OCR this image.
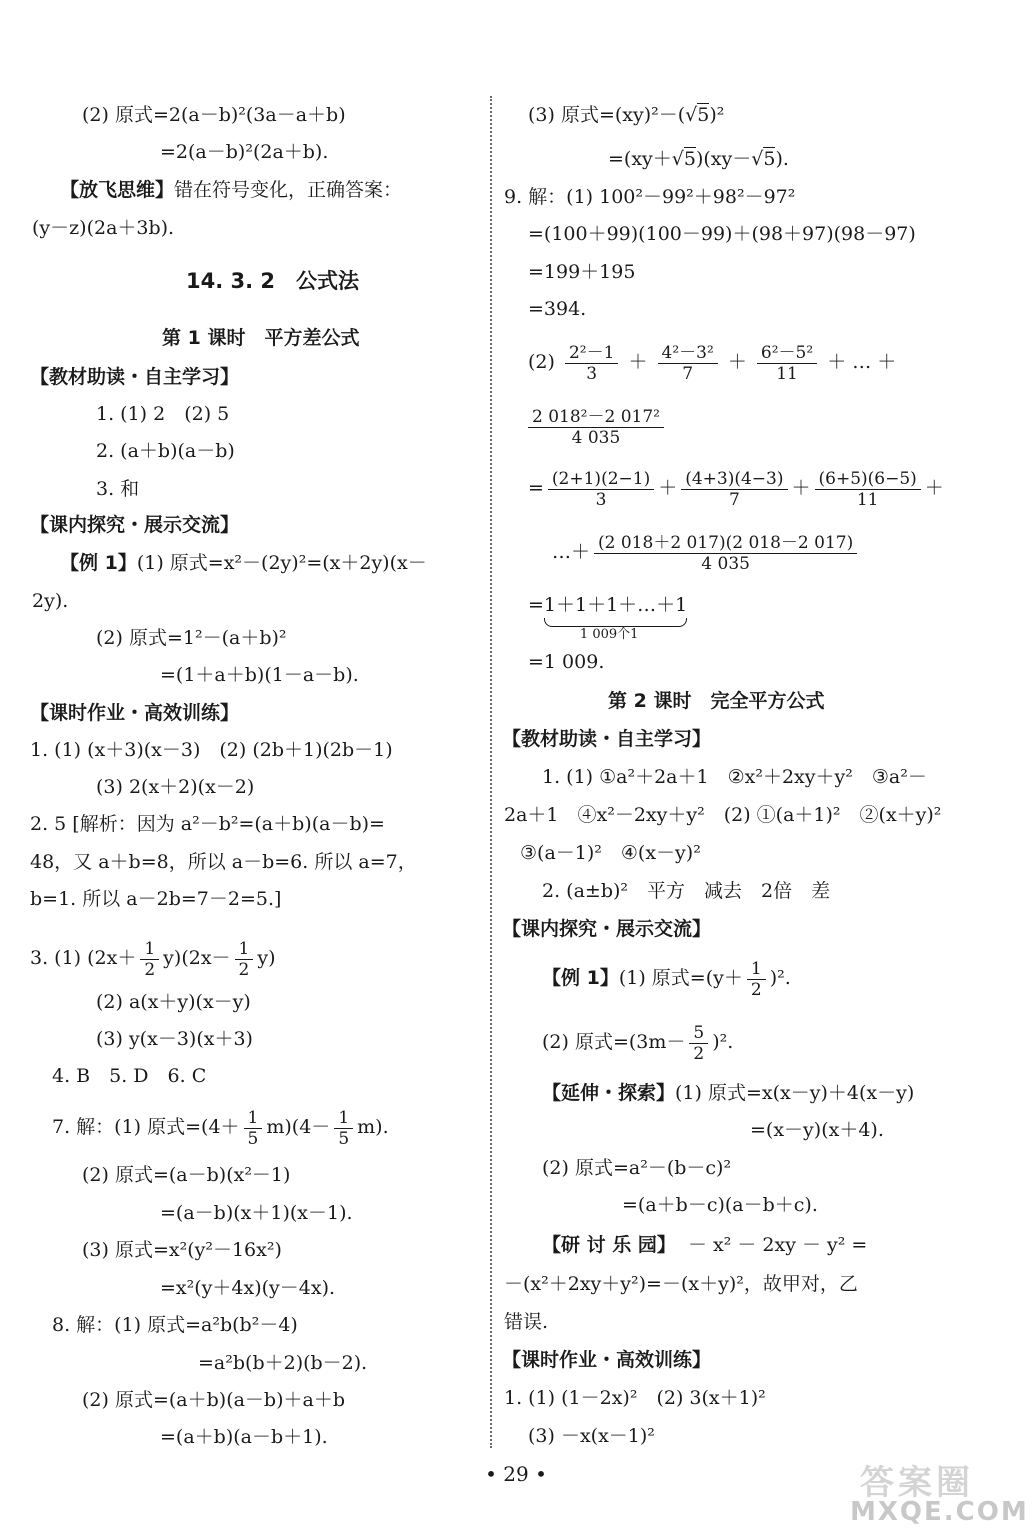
(2) 原式=2(a－b)²(3a－a＋b)
=2(a－b)²(2a＋b).
【放飞思维】错在符号变化，正确答案：
(y－z)(2a＋3b).
14. 3. 2　公式法
第 1 课时　平方差公式
【教材助读・自主学习】
1. (1) 2　(2) 5
2. (a＋b)(a－b)
3. 和
【课内探究・展示交流】
【例 1】(1) 原式=x²－(2y)²=(x＋2y)(x－
2y).
(2) 原式=1²－(a＋b)²
=(1＋a＋b)(1－a－b).
【课时作业・高效训练】
1. (1) (x＋3)(x－3)　(2) (2b＋1)(2b－1)
(3) 2(x＋2)(x－2)
2. 5 [解析：因为 a²－b²=(a＋b)(a－b)=
48，又 a＋b=8，所以 a－b=6. 所以 a=7，
b=1. 所以 a－2b=7－2=5.]
3. (1) $(2x+ \frac{1}{2} y)(2x- \frac{1}{2} y)$
(2) a(x＋y)(x－y)
(3) y(x－3)(x＋3)
4. B　5. D　6. C
7. 解：(1) 原式$=(4+ \frac{1}{5} m)(4- \frac{1}{5} m)$.
(2) 原式=(a－b)(x²－1)
=(a－b)(x＋1)(x－1).
(3) 原式=x²(y²－16x²)
=x²(y＋4x)(y－4x).
8. 解：(1) 原式=a²b(b²－4)
=a²b(b＋2)(b－2).
(2) 原式=(a＋b)(a－b)＋a＋b
=(a＋b)(a－b＋1).
(3) 原式=(xy)²－(√5)²
=(xy＋√5)(xy－√5).
9. 解：(1) 100²－99²＋98²－97²
=(100＋99)(100－99)＋(98＋97)(98－97)
=199＋195
=394.
$(2) \frac{\text{2²－1}}{3} + \frac{\text{4²－3²}}{7} + \frac{\text{6²－5²}}{11}$ ＋ … ＋
$\frac{\text{2 018²－2 017²}}{4 035}$
= $\frac{(2+1)(2-1)}{3} + \frac{(4+3)(4-3)}{7} + \frac{(6+5)(6-5)}{11}$ ＋
…＋ $\frac{(2 018+2 017)(2 018-2 017)}{4 035}$
=1＋1＋1＋…＋1
1 009个1
=1 009.
第 2 课时　完全平方公式
【教材助读・自主学习】
1. (1) ①a²＋2a＋1　②x²＋2xy＋y²　③a²－
2a＋1　④x²－2xy＋y²　(2) ①(a＋1)²　②(x＋y)²
③(a－1)²　④(x－y)²
2. (a±b)²　平方　减去　2倍　差
【课内探究・展示交流】
【例 1】(1) 原式$=(y+ \frac{1}{2} )^2$.
(2) 原式$=(3m- \frac{5}{2} )^2$.
【延伸・探索】(1) 原式=x(x－y)＋4(x－y)
=(x－y)(x＋4).
(2) 原式=a²－(b－c)²
=(a＋b－c)(a－b＋c).
【研 讨 乐 园】 － x² － 2xy － y² =
－(x²＋2xy＋y²)=－(x＋y)²，故甲对，乙
错误.
【课时作业・高效训练】
1. (1) (1－2x)²　(2) 3(x＋1)²
(3) －x(x－1)²
• 29 •	答案圈
MXQE.COM
